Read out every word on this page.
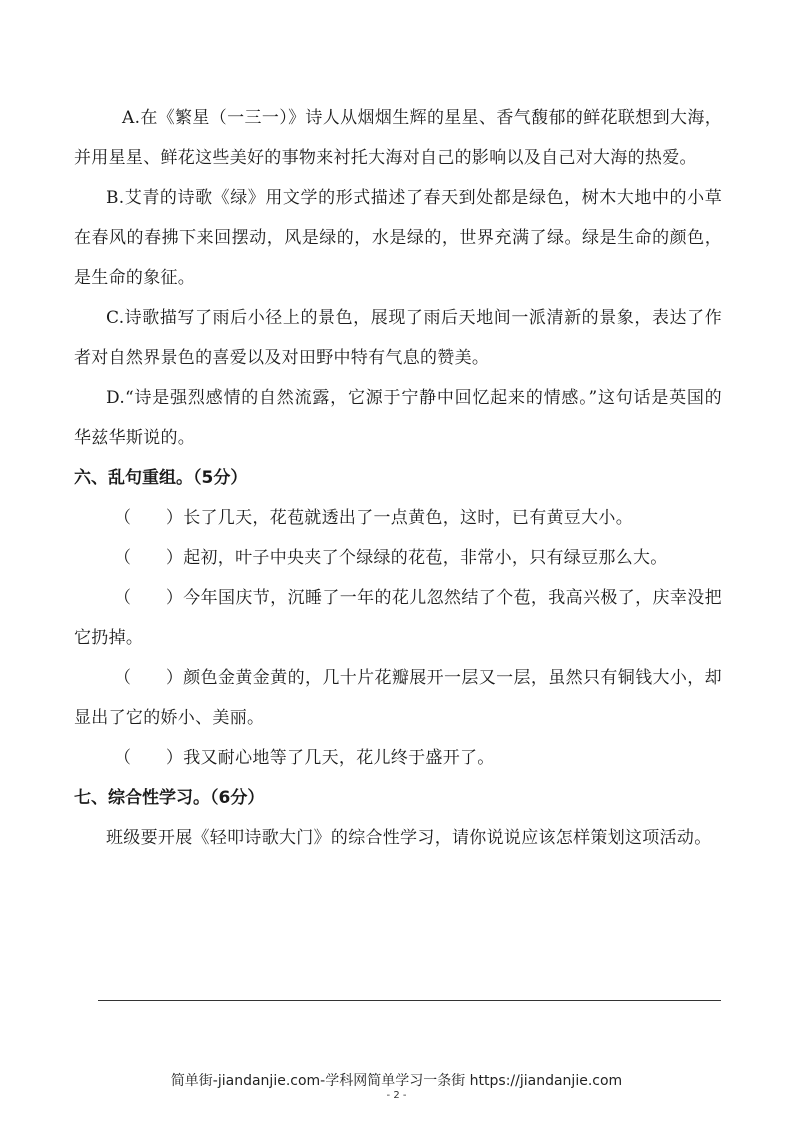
A.在《繁星（一三一）》诗人从烟烟生辉的星星、香气馥郁的鲜花联想到大海，并用星星、鲜花这些美好的事物来衬托大海对自己的影响以及自己对大海的热爱。

B.艾青的诗歌《绿》用文学的形式描述了春天到处都是绿色，树木大地中的小草在春风的春拂下来回摆动，风是绿的，水是绿的，世界充满了绿。绿是生命的颜色，是生命的象征。

C.诗歌描写了雨后小径上的景色，展现了雨后天地间一派清新的景象，表达了作者对自然界景色的喜爱以及对田野中特有气息的赞美。

D.“诗是强烈感情的自然流露，它源于宁静中回忆起来的情感。”这句话是英国的华兹华斯说的。

六、乱句重组。（5分）

（　　）长了几天，花苞就透出了一点黄色，这时，已有黄豆大小。

（　　）起初，叶子中央夹了个绿绿的花苞，非常小，只有绿豆那么大。

（　　）今年国庆节，沉睡了一年的花儿忽然结了个苞，我高兴极了，庆幸没把它扔掉。

（　　）颜色金黄金黄的，几十片花瓣展开一层又一层，虽然只有铜钱大小，却显出了它的娇小、美丽。

（　　）我又耐心地等了几天，花儿终于盛开了。

七、综合性学习。（6分）

班级要开展《轻叩诗歌大门》的综合性学习，请你说说应该怎样策划这项活动。

简单街-jiandanjie.com-学科网简单学习一条街 https://jiandanjie.com
- 2 -
